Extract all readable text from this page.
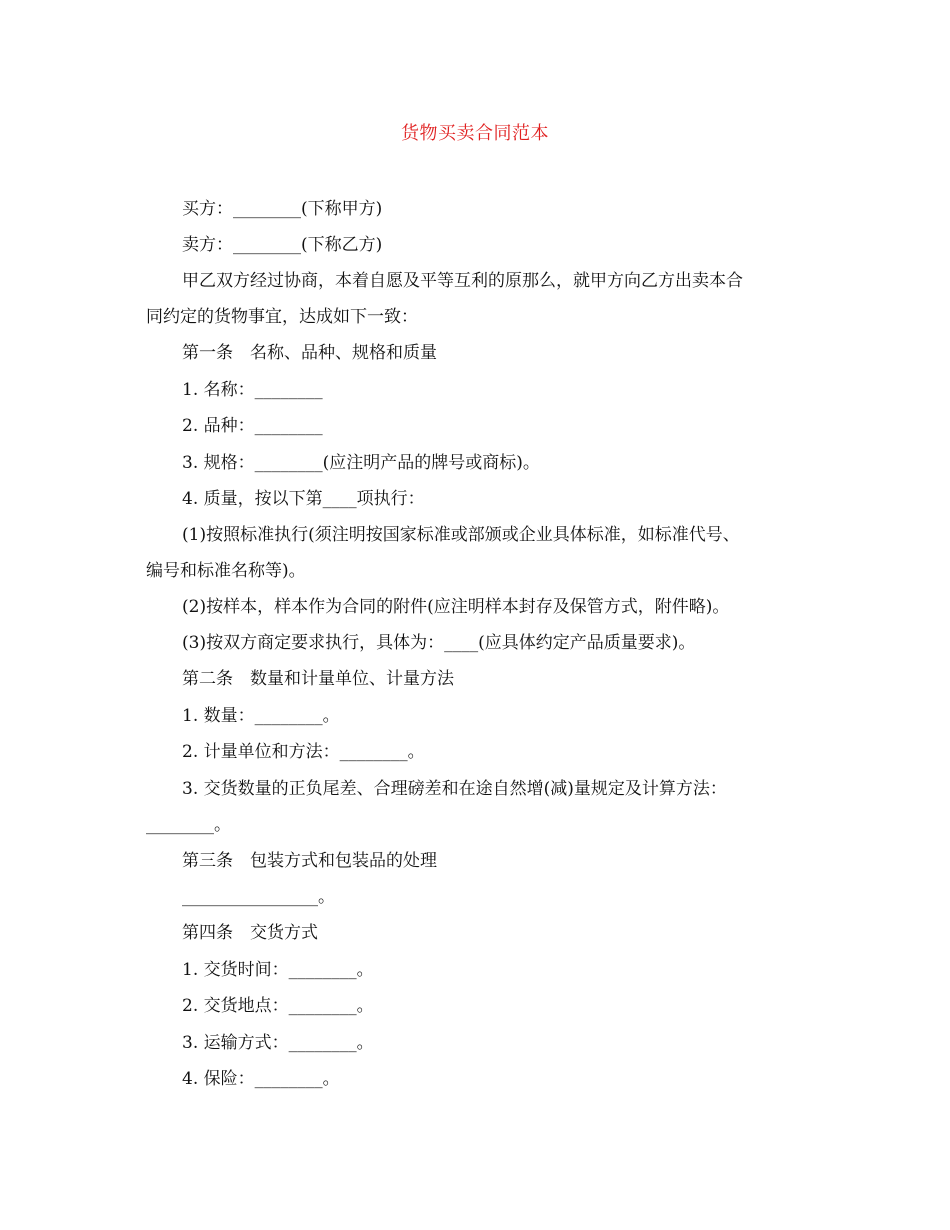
货物买卖合同范本
买方：________(下称甲方)
卖方：________(下称乙方)
甲乙双方经过协商，本着自愿及平等互利的原那么，就甲方向乙方出卖本合
同约定的货物事宜，达成如下一致：
第一条　名称、品种、规格和质量
1. 名称：________
2. 品种：________
3. 规格：________(应注明产品的牌号或商标)。
4. 质量，按以下第____项执行：
(1)按照标准执行(须注明按国家标准或部颁或企业具体标准，如标准代号、
编号和标准名称等)。
(2)按样本，样本作为合同的附件(应注明样本封存及保管方式，附件略)。
(3)按双方商定要求执行，具体为：____(应具体约定产品质量要求)。
第二条　数量和计量单位、计量方法
1. 数量：________。
2. 计量单位和方法：________。
3. 交货数量的正负尾差、合理磅差和在途自然增(减)量规定及计算方法：
________。
第三条　包装方式和包装品的处理
________________。
第四条　交货方式
1. 交货时间：________。
2. 交货地点：________。
3. 运输方式：________。
4. 保险：________。
